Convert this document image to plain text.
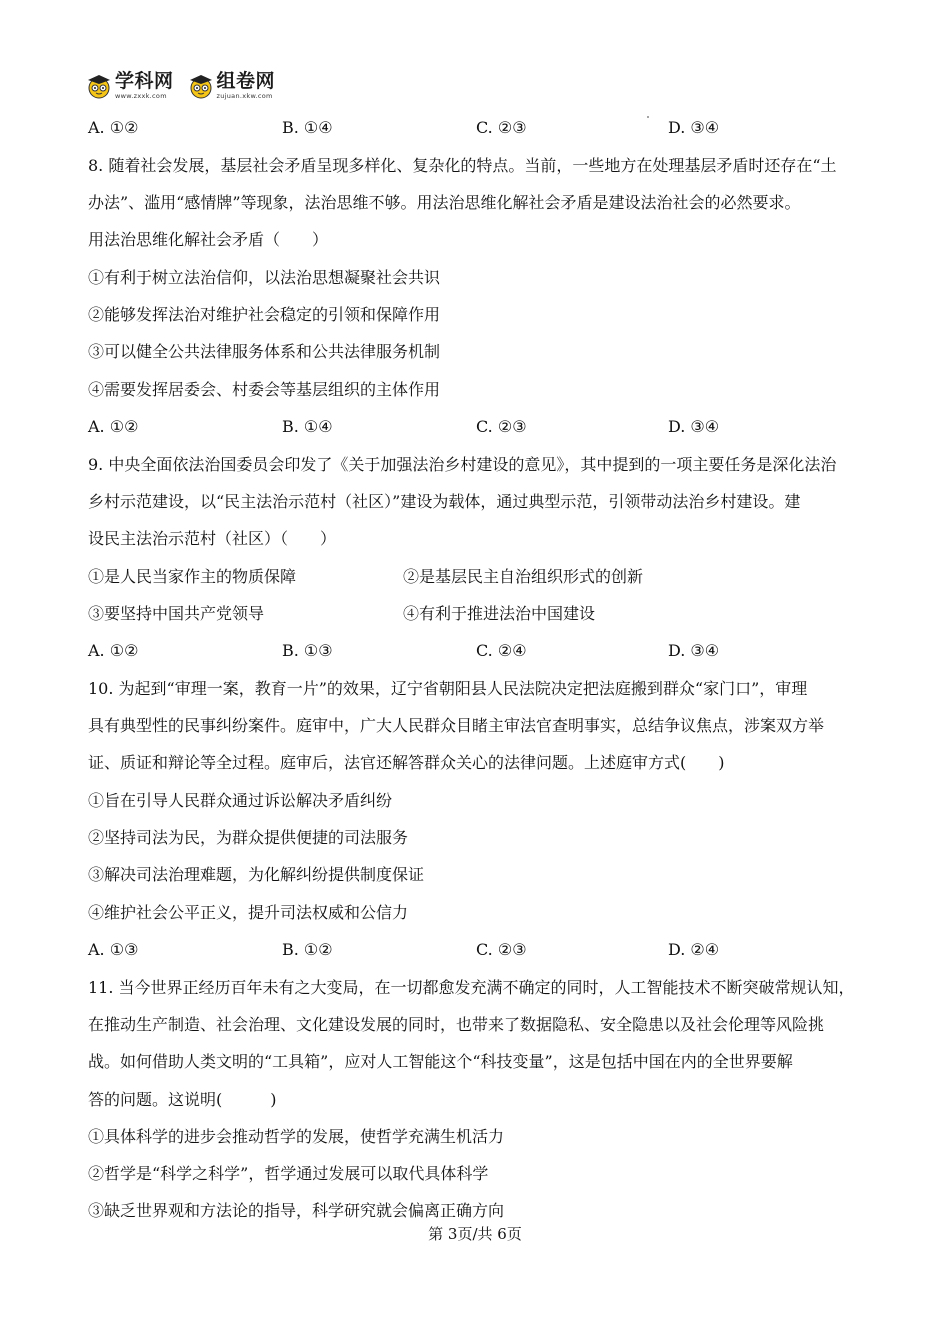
学科网
www.zxxk.com
组卷网
zujuan.xkw.com
A. ①②	B. ①④	C. ②③	D. ③④
8. 随着社会发展，基层社会矛盾呈现多样化、复杂化的特点。当前，一些地方在处理基层矛盾时还存在“土
办法”、滥用“感情牌”等现象，法治思维不够。用法治思维化解社会矛盾是建设法治社会的必然要求。
用法治思维化解社会矛盾（　　）
①有利于树立法治信仰，以法治思想凝聚社会共识
②能够发挥法治对维护社会稳定的引领和保障作用
③可以健全公共法律服务体系和公共法律服务机制
④需要发挥居委会、村委会等基层组织的主体作用
A. ①②	B. ①④	C. ②③	D. ③④
9. 中央全面依法治国委员会印发了《关于加强法治乡村建设的意见》，其中提到的一项主要任务是深化法治
乡村示范建设，以“民主法治示范村（社区）”建设为载体，通过典型示范，引领带动法治乡村建设。建
设民主法治示范村（社区）（　　）
①是人民当家作主的物质保障	②是基层民主自治组织形式的创新
③要坚持中国共产党领导	④有利于推进法治中国建设
A. ①②	B. ①③	C. ②④	D. ③④
10. 为起到“审理一案，教育一片”的效果，辽宁省朝阳县人民法院决定把法庭搬到群众“家门口”，审理
具有典型性的民事纠纷案件。庭审中，广大人民群众目睹主审法官查明事实，总结争议焦点，涉案双方举
证、质证和辩论等全过程。庭审后，法官还解答群众关心的法律问题。上述庭审方式(　　)
①旨在引导人民群众通过诉讼解决矛盾纠纷
②坚持司法为民，为群众提供便捷的司法服务
③解决司法治理难题，为化解纠纷提供制度保证
④维护社会公平正义，提升司法权威和公信力
A. ①③	B. ①②	C. ②③	D. ②④
11. 当今世界正经历百年未有之大变局，在一切都愈发充满不确定的同时，人工智能技术不断突破常规认知，
在推动生产制造、社会治理、文化建设发展的同时，也带来了数据隐私、安全隐患以及社会伦理等风险挑
战。如何借助人类文明的“工具箱”，应对人工智能这个“科技变量”，这是包括中国在内的全世界要解
答的问题。这说明(　　　)
①具体科学的进步会推动哲学的发展，使哲学充满生机活力
②哲学是“科学之科学”，哲学通过发展可以取代具体科学
③缺乏世界观和方法论的指导，科学研究就会偏离正确方向
第 3页/共 6页
